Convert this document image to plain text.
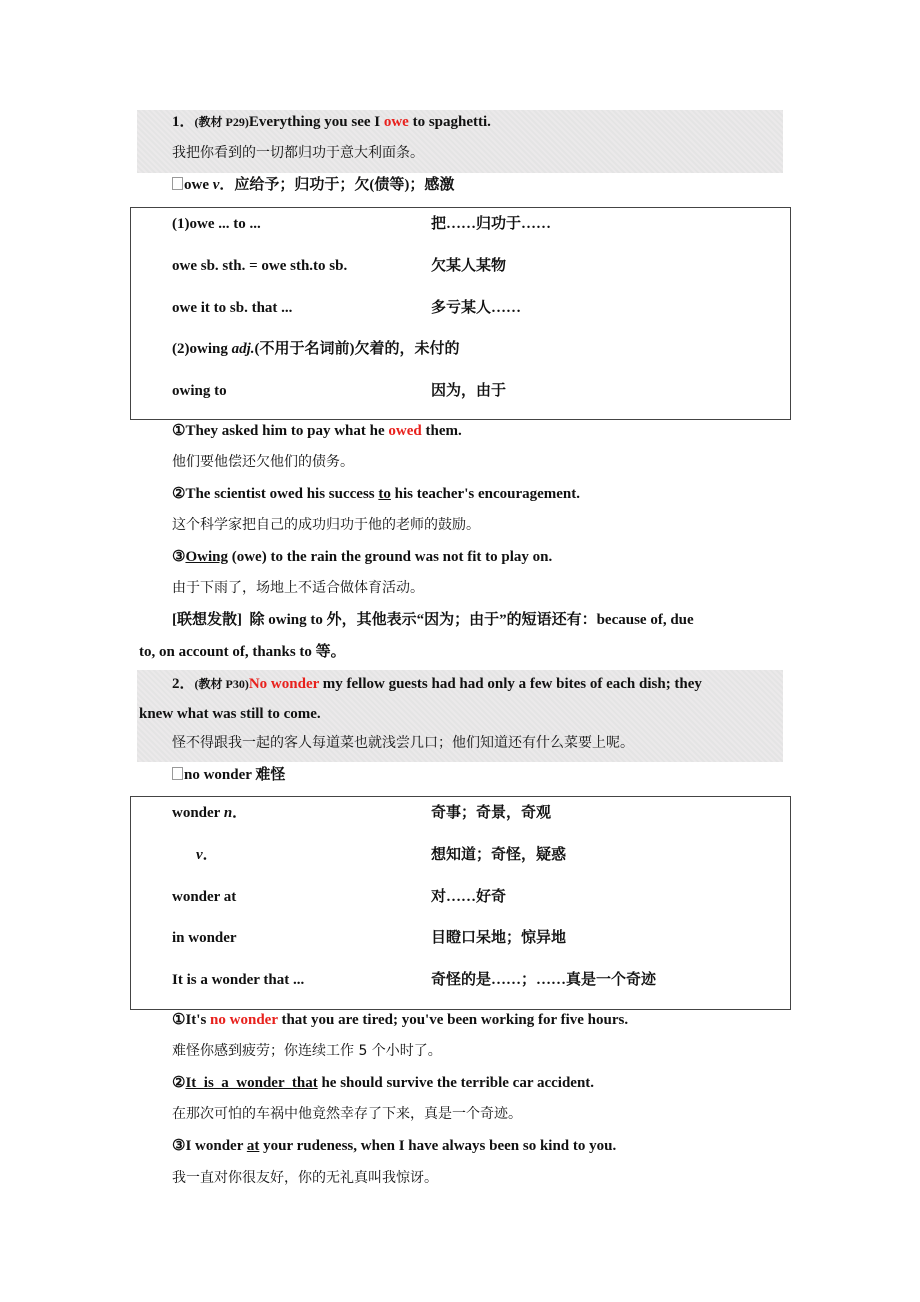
1．(教材 P29)Everything you see I owe to spaghetti.
我把你看到的一切都归功于意大利面条。
owe v．应给予；归功于；欠(债等)；感激
(1)owe ... to ...	把……归功于……
owe sb. sth. = owe sth.to sb.	欠某人某物
owe it to sb. that ...	多亏某人……
(2)owing adj.(不用于名词前)欠着的，未付的
owing to	因为，由于
①They asked him to pay what he owed them.
他们要他偿还欠他们的债务。
②The scientist owed his success to his teacher's encouragement.
这个科学家把自己的成功归功于他的老师的鼓励。
③Owing (owe) to the rain the ground was not fit to play on.
由于下雨了，场地上不适合做体育活动。
[联想发散] 除 owing to 外，其他表示“因为；由于”的短语还有：because of, due
to, on account of, thanks to 等。
2．(教材 P30)No wonder my fellow guests had had only a few bites of each dish; they
knew what was still to come.
怪不得跟我一起的客人每道菜也就浅尝几口；他们知道还有什么菜要上呢。
no wonder 难怪
wonder n．	奇事；奇景，奇观
v．	想知道；奇怪，疑惑
wonder at	对……好奇
in wonder	目瞪口呆地；惊异地
It is a wonder that ...	奇怪的是……；……真是一个奇迹
①It's no wonder that you are tired; you've been working for five hours.
难怪你感到疲劳；你连续工作 5 个小时了。
②It  is  a  wonder  that he should survive the terrible car accident.
在那次可怕的车祸中他竟然幸存了下来，真是一个奇迹。
③I wonder at your rudeness, when I have always been so kind to you.
我一直对你很友好，你的无礼真叫我惊讶。
